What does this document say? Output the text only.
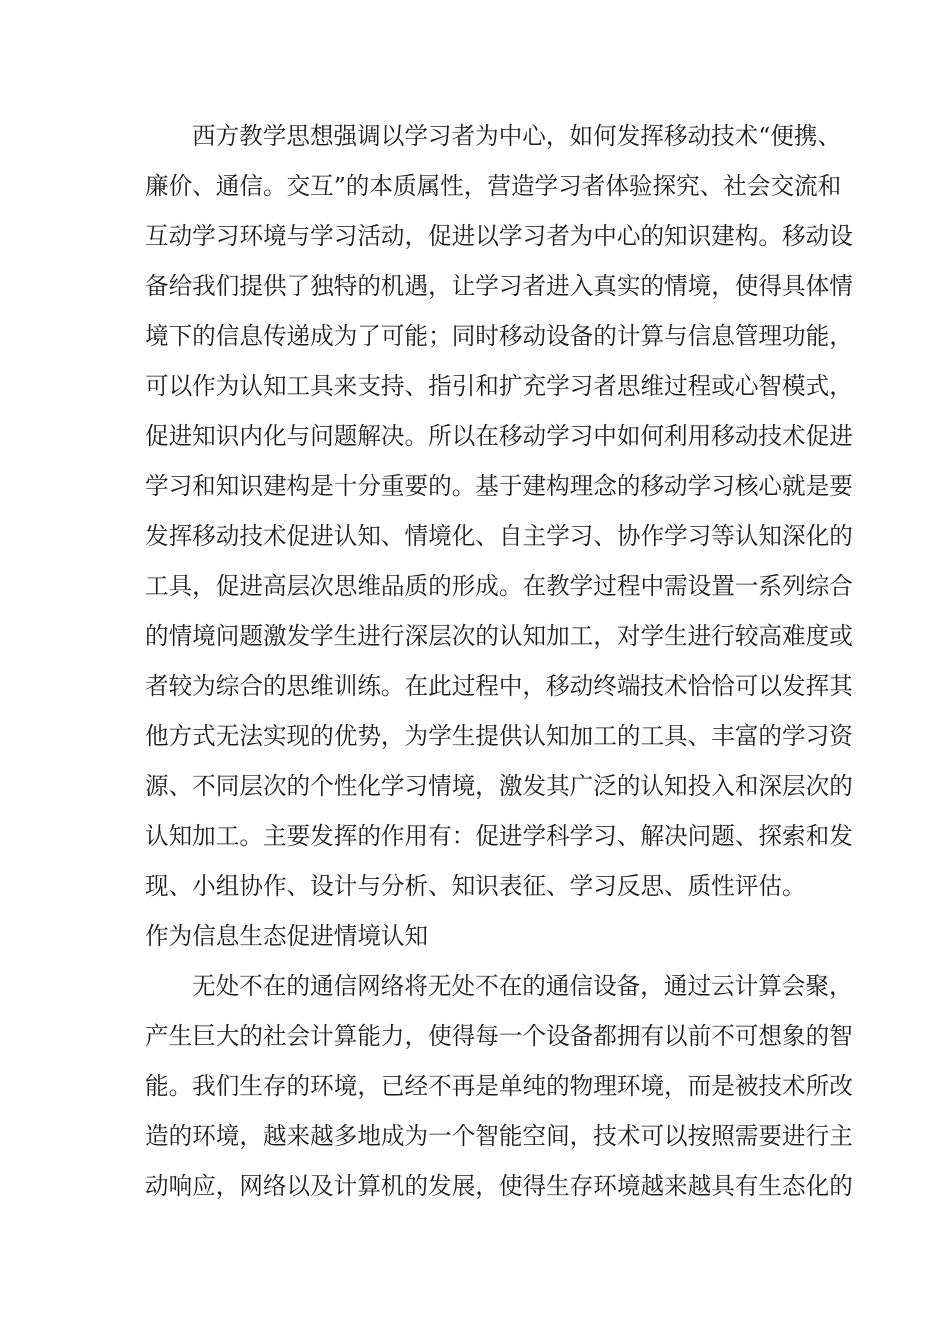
西方教学思想强调以学习者为中心，如何发挥移动技术“便携、
廉价、通信。交互”的本质属性，营造学习者体验探究、社会交流和
互动学习环境与学习活动，促进以学习者为中心的知识建构。移动设
备给我们提供了独特的机遇，让学习者进入真实的情境，使得具体情
境下的信息传递成为了可能；同时移动设备的计算与信息管理功能，
可以作为认知工具来支持、指引和扩充学习者思维过程或心智模式，
促进知识内化与问题解决。所以在移动学习中如何利用移动技术促进
学习和知识建构是十分重要的。基于建构理念的移动学习核心就是要
发挥移动技术促进认知、情境化、自主学习、协作学习等认知深化的
工具，促进高层次思维品质的形成。在教学过程中需设置一系列综合
的情境问题激发学生进行深层次的认知加工，对学生进行较高难度或
者较为综合的思维训练。在此过程中，移动终端技术恰恰可以发挥其
他方式无法实现的优势，为学生提供认知加工的工具、丰富的学习资
源、不同层次的个性化学习情境，激发其广泛的认知投入和深层次的
认知加工。主要发挥的作用有：促进学科学习、解决问题、探索和发
现、小组协作、设计与分析、知识表征、学习反思、质性评估。
作为信息生态促进情境认知
无处不在的通信网络将无处不在的通信设备，通过云计算会聚，
产生巨大的社会计算能力，使得每一个设备都拥有以前不可想象的智
能。我们生存的环境，已经不再是单纯的物理环境，而是被技术所改
造的环境，越来越多地成为一个智能空间，技术可以按照需要进行主
动响应，网络以及计算机的发展，使得生存环境越来越具有生态化的
